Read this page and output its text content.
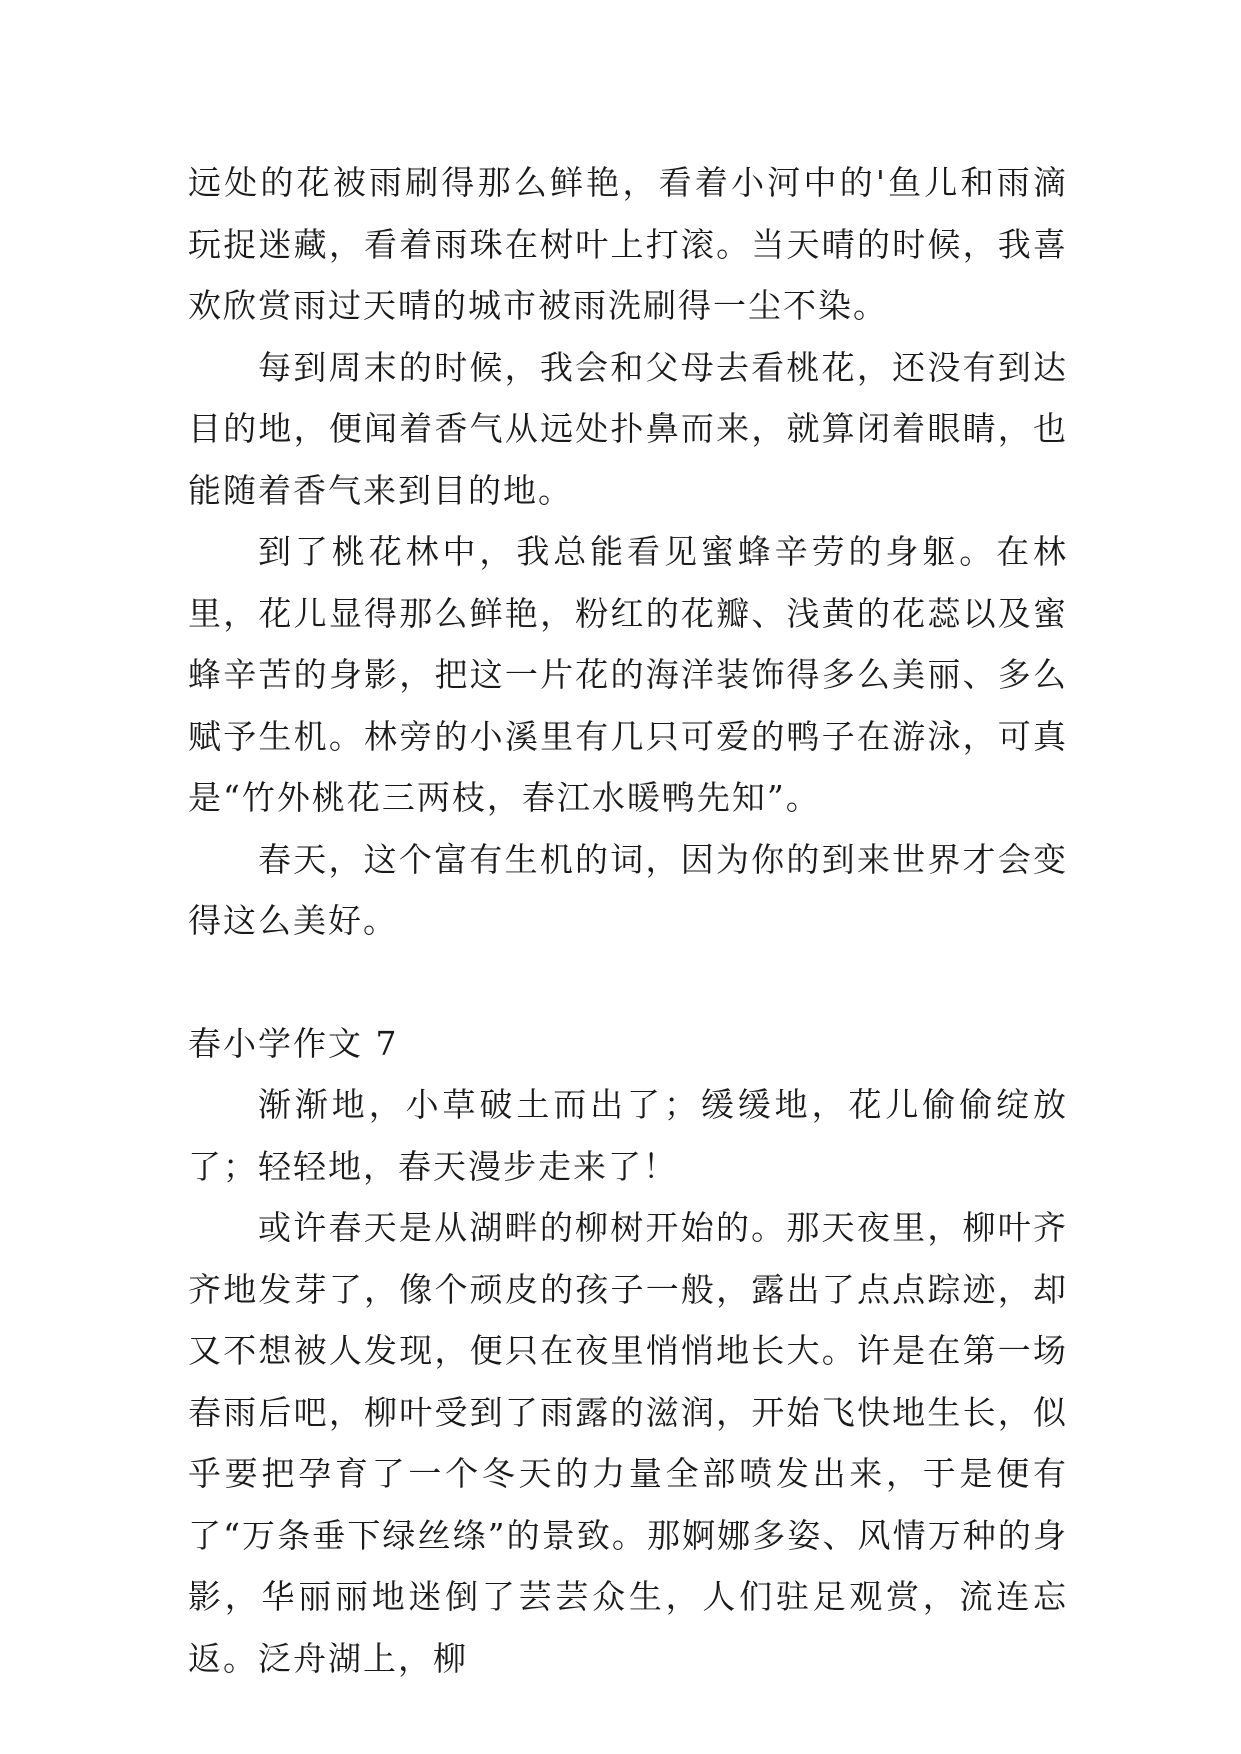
远处的花被雨刷得那么鲜艳，看着小河中的'鱼儿和雨滴玩捉迷藏，看着雨珠在树叶上打滚。当天晴的时候，我喜欢欣赏雨过天晴的城市被雨洗刷得一尘不染。

每到周末的时候，我会和父母去看桃花，还没有到达目的地，便闻着香气从远处扑鼻而来，就算闭着眼睛，也能随着香气来到目的地。

到了桃花林中，我总能看见蜜蜂辛劳的身躯。在林里，花儿显得那么鲜艳，粉红的花瓣、浅黄的花蕊以及蜜蜂辛苦的身影，把这一片花的海洋装饰得多么美丽、多么赋予生机。林旁的小溪里有几只可爱的鸭子在游泳，可真是“竹外桃花三两枝，春江水暖鸭先知”。

春天，这个富有生机的词，因为你的到来世界才会变得这么美好。

春小学作文 7

渐渐地，小草破土而出了；缓缓地，花儿偷偷绽放了；轻轻地，春天漫步走来了！

或许春天是从湖畔的柳树开始的。那天夜里，柳叶齐齐地发芽了，像个顽皮的孩子一般，露出了点点踪迹，却又不想被人发现，便只在夜里悄悄地长大。许是在第一场春雨后吧，柳叶受到了雨露的滋润，开始飞快地生长，似乎要把孕育了一个冬天的力量全部喷发出来，于是便有了“万条垂下绿丝绦”的景致。那婀娜多姿、风情万种的身影，华丽丽地迷倒了芸芸众生，人们驻足观赏，流连忘返。泛舟湖上，柳
